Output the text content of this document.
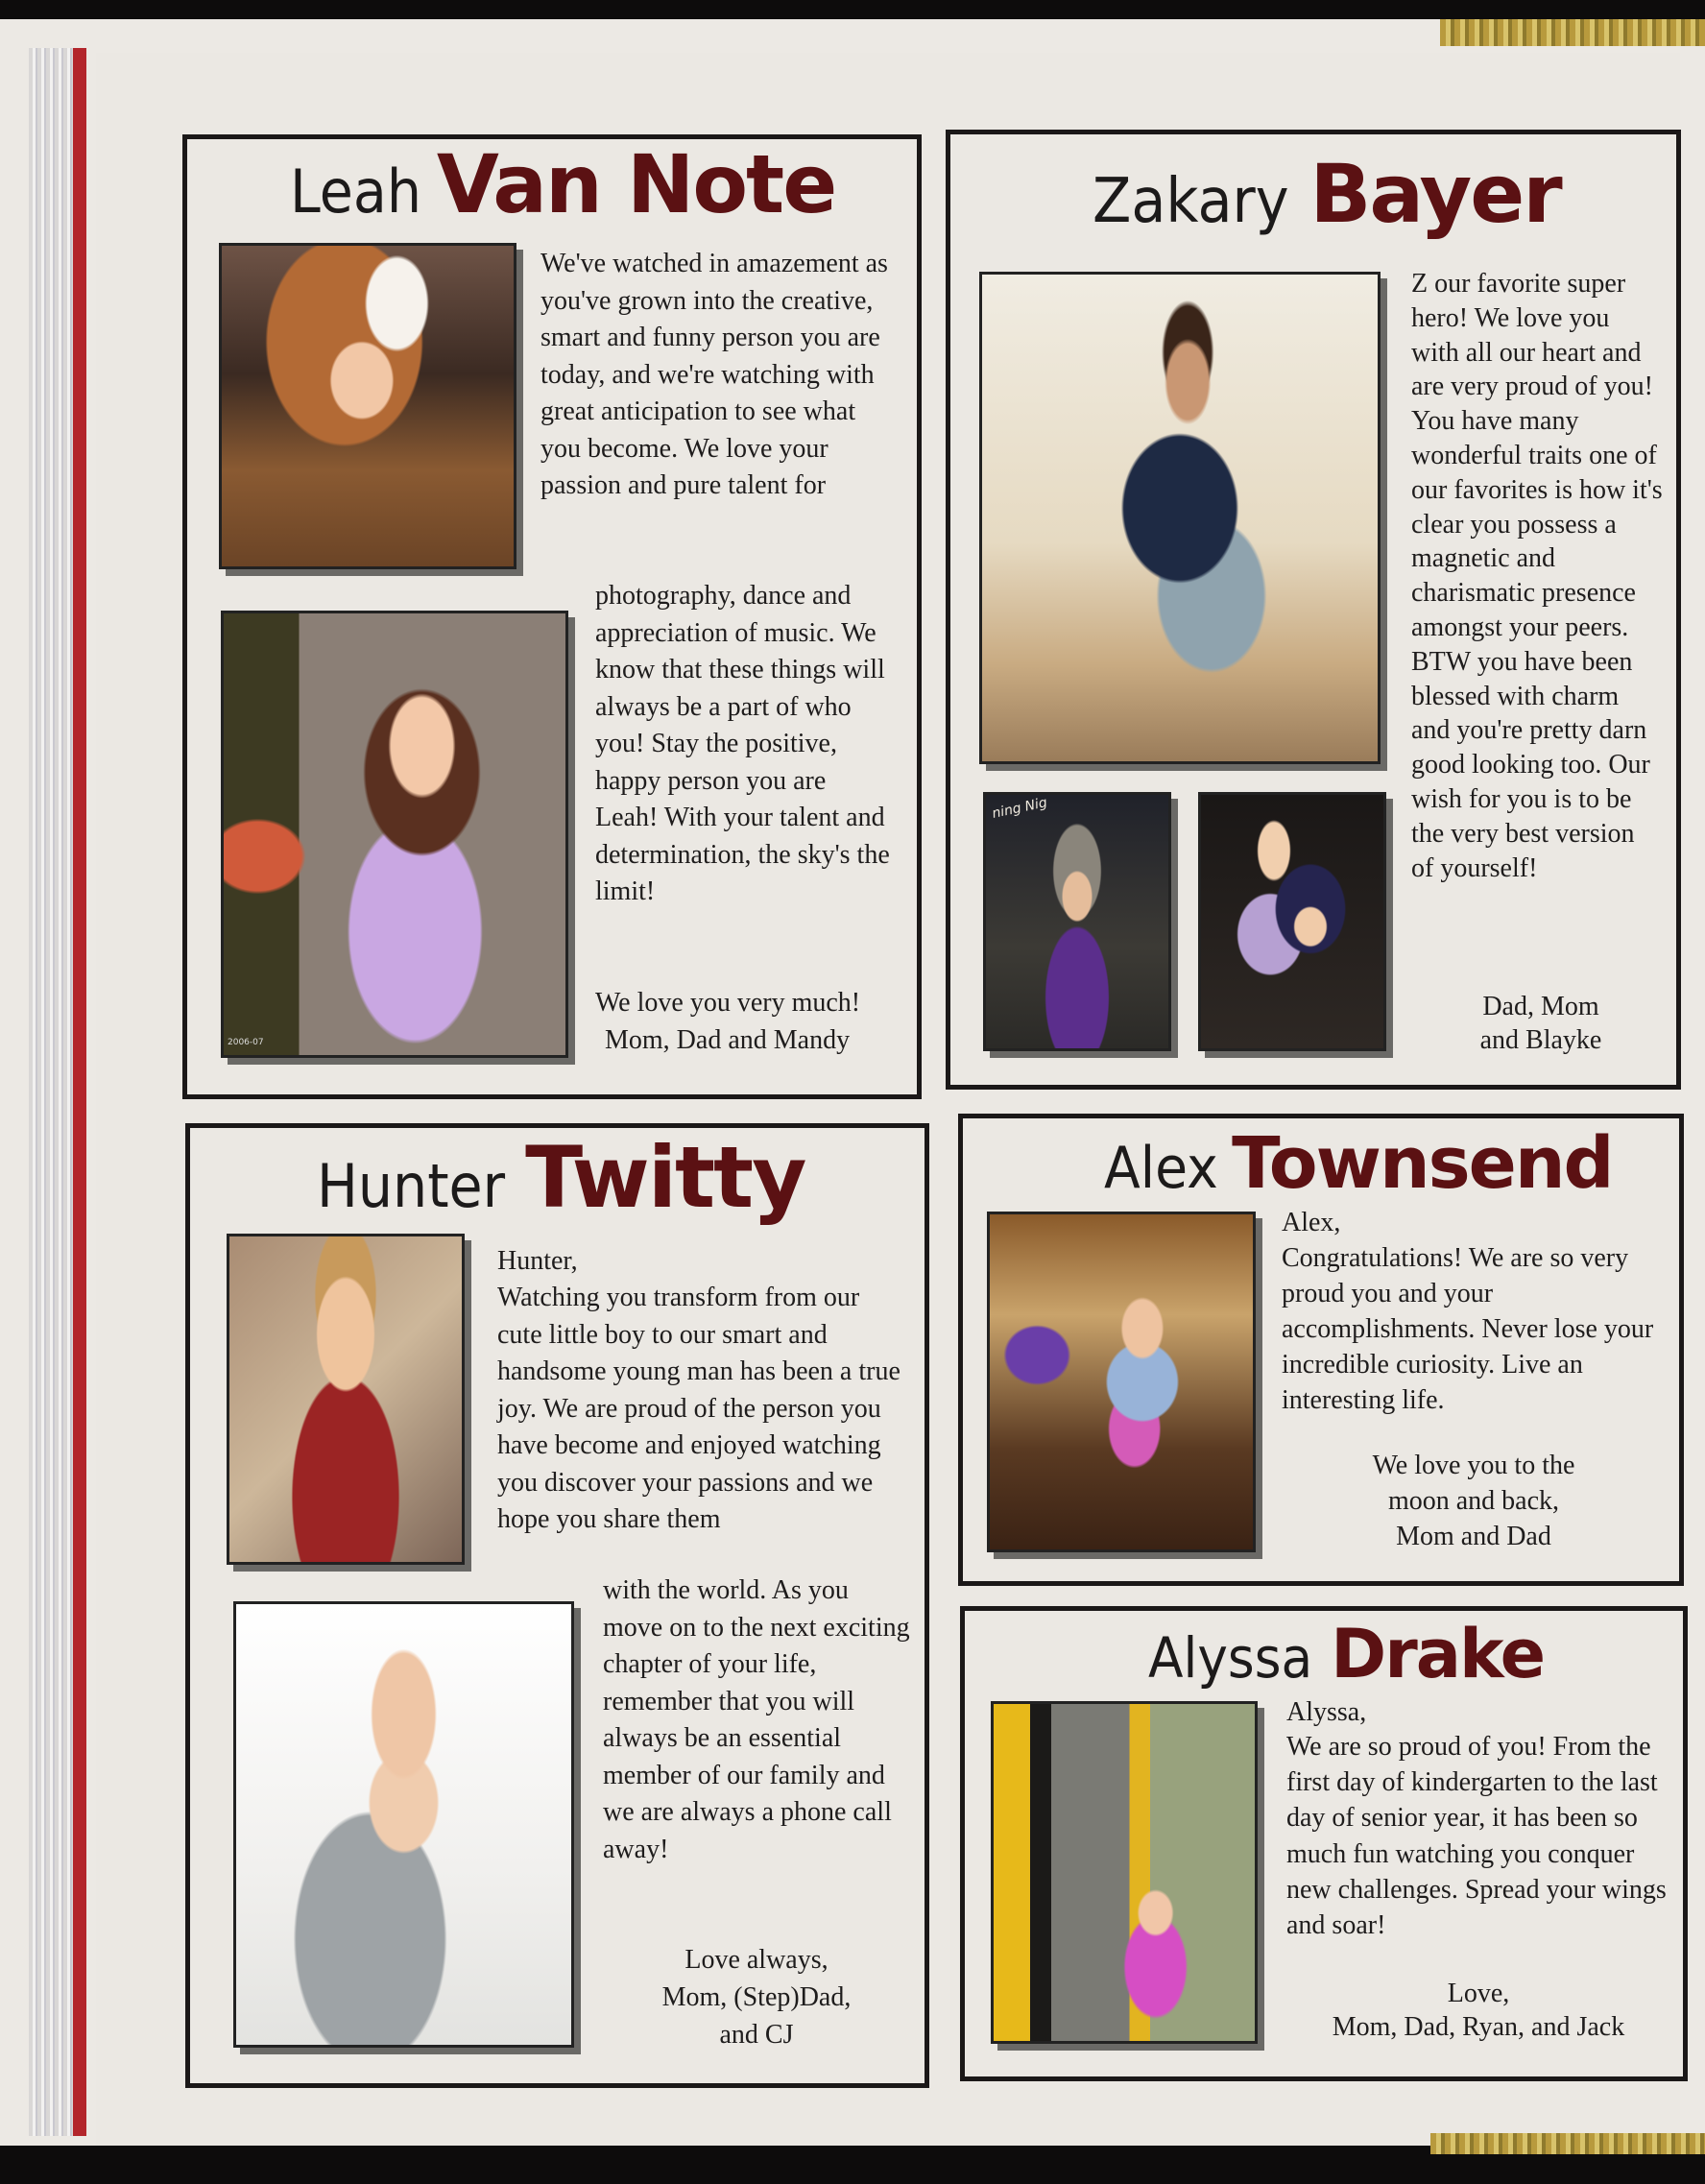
Leah Van Note
2006-07

We've watched in amazement as you've grown into the creative, smart and funny person you are today, and we're watching with great anticipation to see what you become. We love your passion and pure talent for

photography, dance and appreciation of music. We know that these things will always be a part of who you! Stay the positive, happy person you are Leah! With your talent and determination, the sky's the limit!

We love you very much!

Mom, Dad and Mandy

Zakary Bayer
ning Nig

Z our favorite super hero! We love you with all our heart and are very proud of you! You have many wonderful traits one of our favorites is how it's clear you possess a magnetic and charismatic presence amongst your peers. BTW you have been blessed with charm and you're pretty darn good looking too. Our wish for you is to be the very best version of yourself!

Dad, Mom

and Blayke

Hunter Twitty

Hunter,

Watching you transform from our cute little boy to our smart and handsome young man has been a true joy. We are proud of the person you have become and enjoyed watching you discover your passions and we hope you share them

with the world. As you move on to the next exciting chapter of your life, remember that you will always be an essential member of our family and we are always a phone call away!

Love always,

Mom, (Step)Dad,

and CJ

Alex Townsend

Alex,

Congratulations! We are so very proud you and your accomplishments. Never lose your incredible curiosity. Live an interesting life.

We love you to the

moon and back,

Mom and Dad

Alyssa Drake

Alyssa,

We are so proud of you! From the first day of kindergarten to the last day of senior year, it has been so much fun watching you conquer new challenges. Spread your wings and soar!

Love,

Mom, Dad, Ryan, and Jack
